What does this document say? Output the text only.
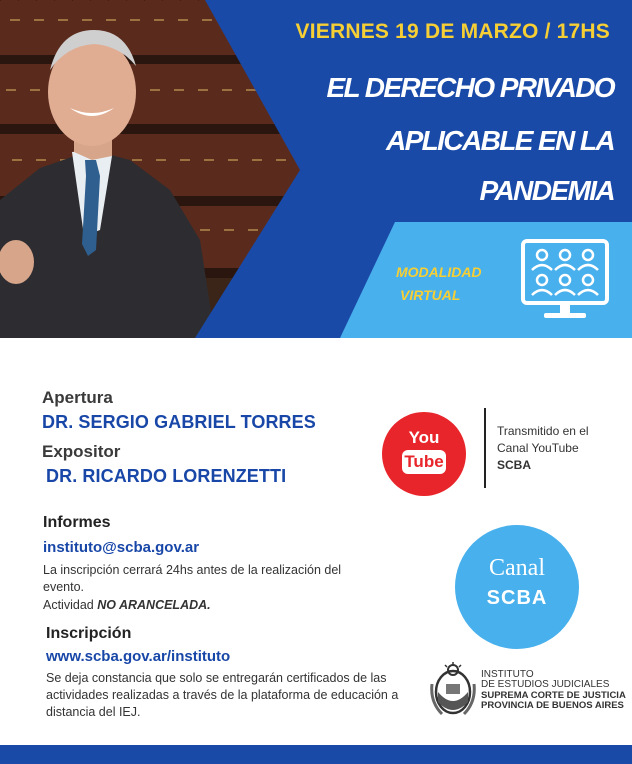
VIERNES 19 DE MARZO / 17HS
EL DERECHO PRIVADO
APLICABLE EN LA
PANDEMIA
MODALIDAD
VIRTUAL
Apertura
DR. SERGIO GABRIEL TORRES
Expositor
DR. RICARDO LORENZETTI
You
Tube
Transmitido en el
Canal YouTube
SCBA
Informes
instituto@scba.gov.ar
La inscripción cerrará 24hs antes de la realización del evento.
Actividad NO ARANCELADA.
Inscripción
www.scba.gov.ar/instituto
Se deja constancia que solo se entregarán certificados de las actividades realizadas a través de la plataforma de educación a distancia del IEJ.
Canal
SCBA
INSTITUTO
DE ESTUDIOS JUDICIALES
SUPREMA CORTE DE JUSTICIA
PROVINCIA DE BUENOS AIRES
